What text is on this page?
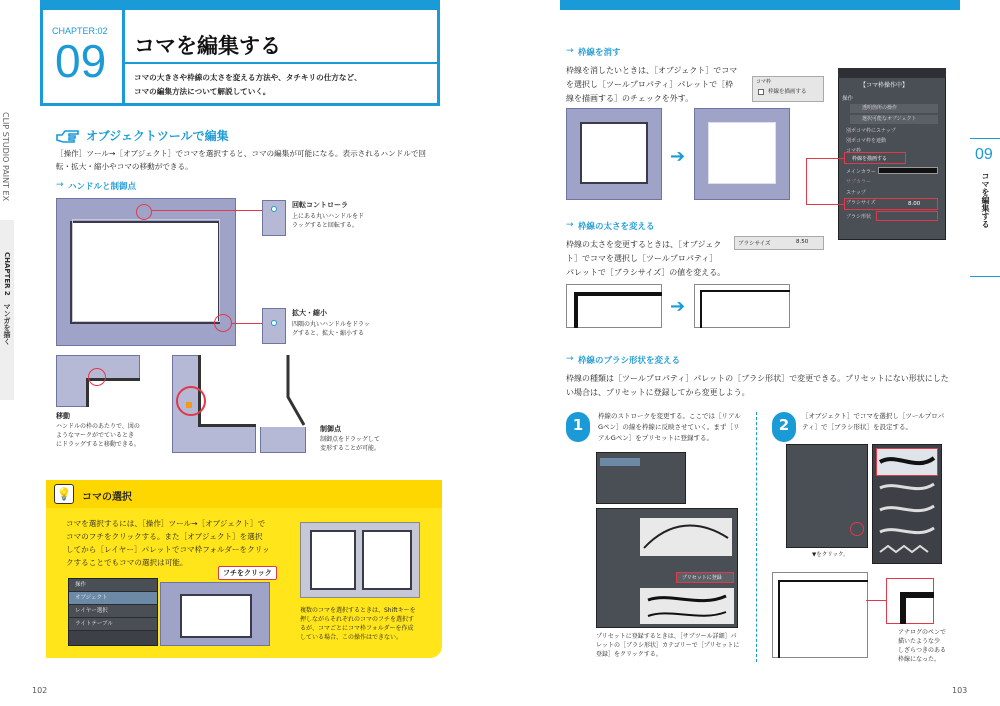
CHAPTER:02
09 コマを編集する
コマの大きさや枠線の太さを変える方法や、タチキリの仕方など、
コマの編集方法について解説していく。
CLIP STUDIO PAINT EX
CHAPTER 2　マンガを描く
オブジェクトツールで編集
［操作］ツール→［オブジェクト］でコマを選択すると、コマの編集が可能になる。表示されるハンドルで回
転・拡大・縮小やコマの移動ができる。
→ ハンドルと制御点
回転コントローラ
上にある丸いハンドルをド
ラッグすると回転する。
拡大・縮小
四隅の丸いハンドルをドラッ
グすると、拡大・縮小する
移動
ハンドルの枠のあたりで、図の
ようなマークがでているとき
にドラッグすると移動できる。
制御点
制御点をドラッグして
変形することが可能。
💡 コマの選択
コマを選択するには、［操作］ツール→［オブジェクト］で
コマのフチをクリックする。また［オブジェクト］を選択
してから［レイヤー］パレットでコマ枠フォルダーをクリッ
クすることでもコマの選択は可能。
操作
オブジェクト
レイヤー選択
ライトテーブル
フチをクリック
複数のコマを選択するときは、Shiftキーを
押しながらそれぞれのコマのフチを選択す
るが、コマごとにコマ枠フォルダーを作成
している場合、この操作はできない。
102
→ 枠線を消す
枠線を消したいときは、［オブジェクト］でコマ
を選択し［ツールプロパティ］パレットで［枠
線を描画する］のチェックを外す。
コマ枠
枠線を描画する
➔
【コマ枠操作中】
操作
透明箇所の操作
選択可能なオブジェクト
別ポコマ枠にスナップ
別ポコマ枠を連動
コマ枠
枠線を描画する
メインカラー
サブカラー
スナップ
ブラシサイズ	8.00
ブラシ形状
→ 枠線の太さを変える
枠線の太さを変更するときは、［オブジェク
ト］でコマを選択し［ツールプロパティ］
パレットで［ブラシサイズ］の値を変える。
ブラシサイズ	8.50
➔
→ 枠線のブラシ形状を変える
枠線の種類は［ツールプロパティ］パレットの［ブラシ形状］で変更できる。プリセットにない形状にした
い場合は、プリセットに登録してから変更しよう。
1	枠線のストロークを変更する。ここでは［リアル
Gペン］の線を枠線に反映させていく。まず［リ
アルGペン］をプリセットに登録する。
プリセットに登録
プリセットに登録するときは、［サブツール詳細］パ
レットの［ブラシ形状］カテゴリーで［プリセットに
登録］をクリックする。
2	［オブジェクト］でコマを選択し［ツールプロパ
ティ］で［ブラシ形状］を設定する。
▼をクリック。
アナログのペンで
描いたような少
しざらつきのある
枠線になった。
09
コマを編集する
103
